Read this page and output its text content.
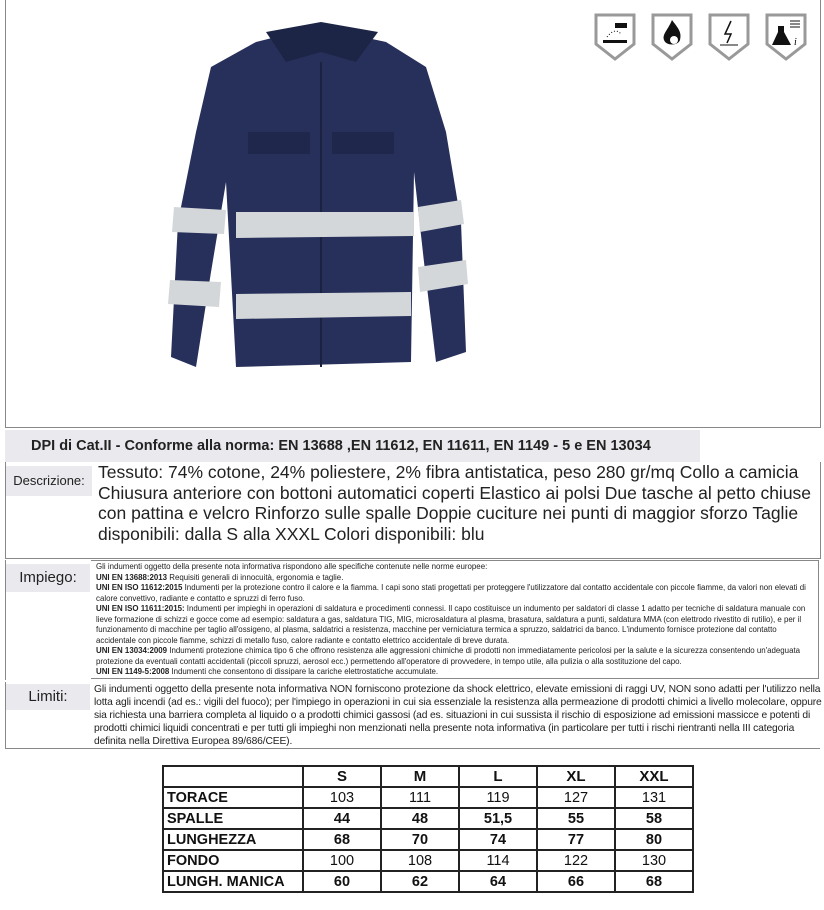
i
DPI di Cat.II - Conforme alla norma: EN 13688 ,EN 11612, EN 11611, EN 1149 - 5 e EN 13034
Descrizione: Tessuto: 74% cotone, 24% poliestere, 2% fibra antistatica, peso 280 gr/mq Collo a camicia Chiusura anteriore con bottoni automatici coperti Elastico ai polsi Due tasche al petto chiuse con pattina e velcro Rinforzo sulle spalle Doppie cuciture nei punti di maggior sforzo Taglie disponibili: dalla S alla XXXL Colori disponibili: blu
Impiego:
Gli indumenti oggetto della presente nota informativa rispondono alle specifiche contenute nelle norme europee:
UNI EN 13688:2013 Requisiti generali di innocuità, ergonomia e taglie.
UNI EN ISO 11612:2015 Indumenti per la protezione contro il calore e la fiamma. I capi sono stati progettati per proteggere l'utilizzatore dal contatto accidentale con piccole fiamme, da valori non elevati di calore convettivo, radiante e contatto e spruzzi di ferro fuso.
UNI EN ISO 11611:2015: Indumenti per impieghi in operazioni di saldatura e procedimenti connessi. Il capo costituisce un indumento per saldatori di classe 1 adatto per tecniche di saldatura manuale con lieve formazione di schizzi e gocce come ad esempio: saldatura a gas, saldatura TIG, MIG, microsaldatura al plasma, brasatura, saldatura a punti, saldatura MMA (con elettrodo rivestito di rutilio), e per il funzionamento di macchine per taglio all'ossigeno, al plasma, saldatrici a resistenza, macchine per verniciatura termica a spruzzo, saldatrici da banco. L'indumento fornisce protezione dal contatto accidentale con piccole fiamme, schizzi di metallo fuso, calore radiante e contatto elettrico accidentale di breve durata.
UNI EN 13034:2009 Indumenti protezione chimica tipo 6 che offrono resistenza alle aggressioni chimiche di prodotti non immediatamente pericolosi per la salute e la sicurezza consentendo un'adeguata protezione da eventuali contatti accidentali (piccoli spruzzi, aerosol ecc.) permettendo all'operatore di provvedere, in tempo utile, alla pulizia o alla sostituzione del capo.
UNI EN 1149-5:2008 Indumenti che consentono di dissipare la cariche elettrostatiche accumulate.
Limiti:	Gli indumenti oggetto della presente nota informativa NON forniscono protezione da shock elettrico, elevate emissioni di raggi UV, NON sono adatti per l'utilizzo nella lotta agli incendi (ad es.: vigili del fuoco); per l'impiego in operazioni in cui sia essenziale la resistenza alla permeazione di prodotti chimici a livello molecolare, oppure sia richiesta una barriera completa al liquido o a prodotti chimici gassosi (ad es. situazioni in cui sussista il rischio di esposizione ad emissioni massicce e potenti di prodotti chimici liquidi concentrati e per tutti gli impieghi non menzionati nella presente nota informativa (in particolare per tutti i rischi rientranti nella III categoria definita nella Direttiva Europea 89/686/CEE).
	S	M	L	XL	XXL
TORACE	103	111	119	127	131
SPALLE	44	48	51,5	55	58
LUNGHEZZA	68	70	74	77	80
FONDO	100	108	114	122	130
LUNGH. MANICA	60	62	64	66	68
